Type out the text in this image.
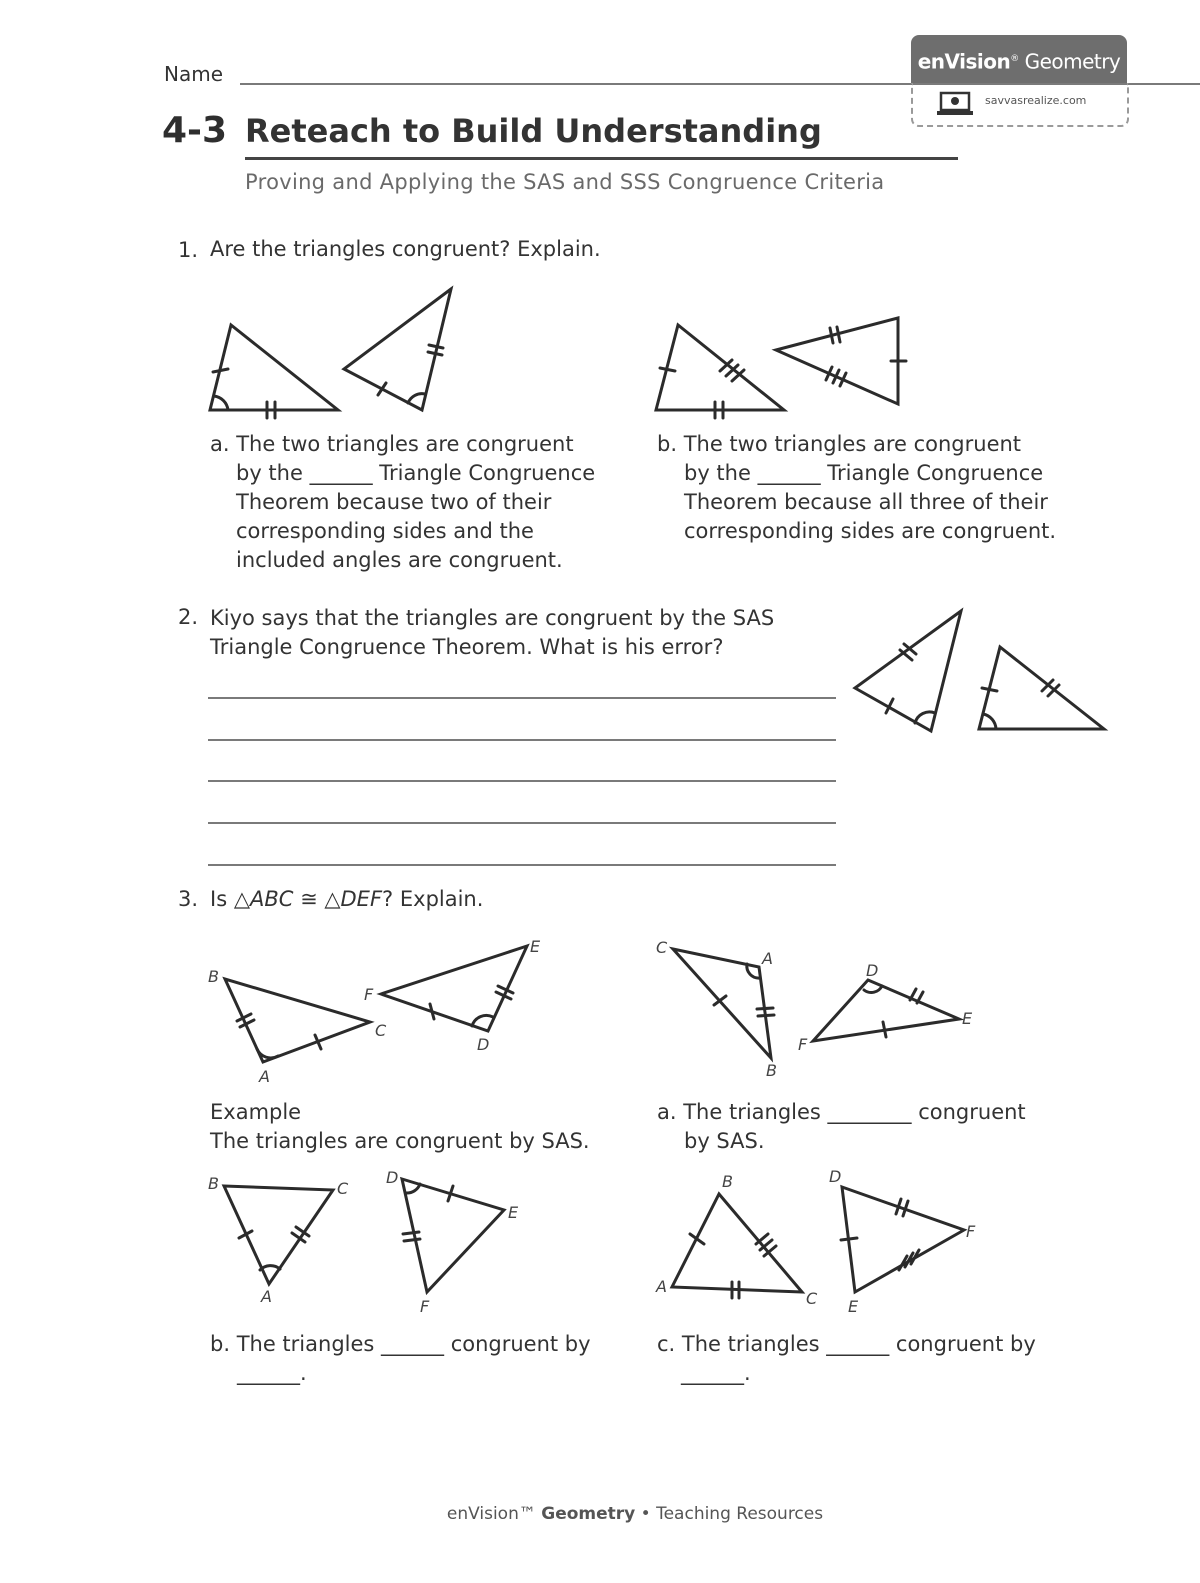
Name
enVision® Geometry
savvasrealize.com
4-3 Reteach to Build Understanding
Proving and Applying the SAS and SSS Congruence Criteria
1. Are the triangles congruent? Explain.
B
A
C
E
F
D
C
A
B
D
E
F
B	C
A
D
E
F
B
C
A
D
F
E
a. The two triangles are congruent
by the ______ Triangle Congruence
Theorem because two of their
corresponding sides and the
included angles are congruent.
b. The two triangles are congruent
by the ______ Triangle Congruence
Theorem because all three of their
corresponding sides are congruent.
2. Kiyo says that the triangles are congruent by the SAS
Triangle Congruence Theorem. What is his error?
3. Is △ABC ≅ △DEF? Explain.
Example
The triangles are congruent by SAS.
a. The triangles ________ congruent
by SAS.
b. The triangles ______ congruent by
______.
c. The triangles ______ congruent by
______.
enVision™ Geometry • Teaching Resources
